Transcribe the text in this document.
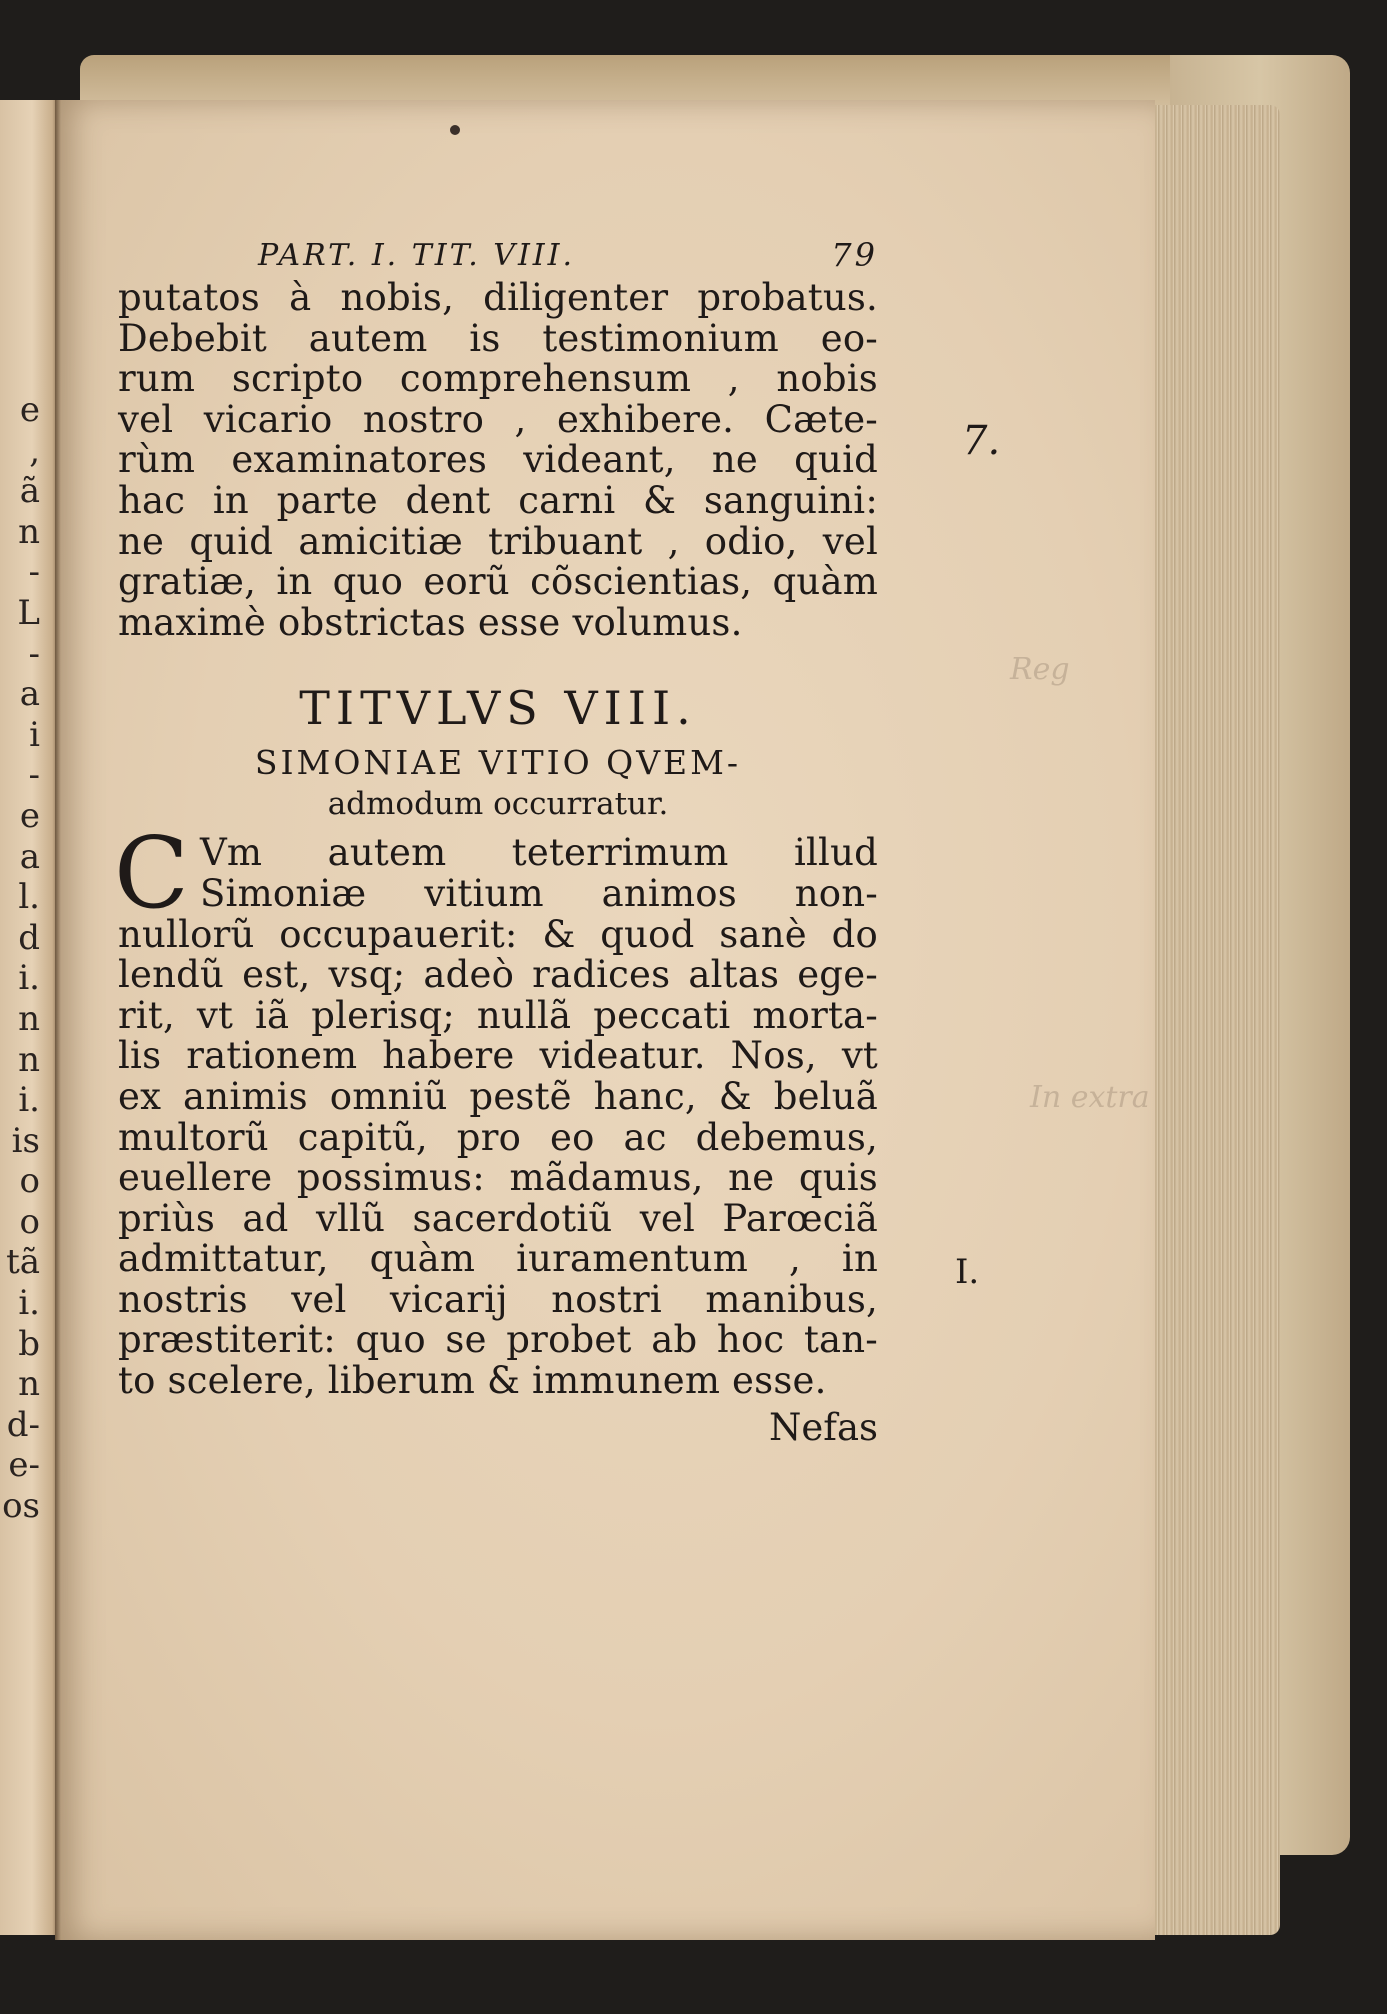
e
,
ã
n
-
L
-
a
i
-
e
a
l.
d
i.
n
n
i.
is
o
o
tã
i.
b
n
d-
e-
os
Reg
In extra
PART. I. TIT. VIII.	79
putatos à nobis, diligenter probatus.
Debebit autem is testimonium eo-
rum scripto comprehensum , nobis
vel vicario nostro , exhibere. Cæte-
rùm examinatores videant, ne quid
hac in parte dent carni & sanguini:
ne quid amicitiæ tribuant , odio, vel
gratiæ, in quo eorũ cõscientias, quàm
maximè obstrictas esse volumus.
TITVLVS VIII.
SIMONIAE VITIO QVEM-
admodum occurratur.
C Vm autem teterrimum illud
Simoniæ vitium animos non-
nullorũ occupauerit: & quod sanè do
lendũ est, vsq; adeò radices altas ege-
rit, vt iã plerisq; nullã peccati morta-
lis rationem habere videatur. Nos, vt
ex animis omniũ pestẽ hanc, & beluã
multorũ capitũ, pro eo ac debemus,
euellere possimus: mãdamus, ne quis
priùs ad vllũ sacerdotiũ vel Parœciã
admittatur, quàm iuramentum , in
nostris vel vicarij nostri manibus,
præstiterit: quo se probet ab hoc tan-
to scelere, liberum & immunem esse.
Nefas
7.
I.
